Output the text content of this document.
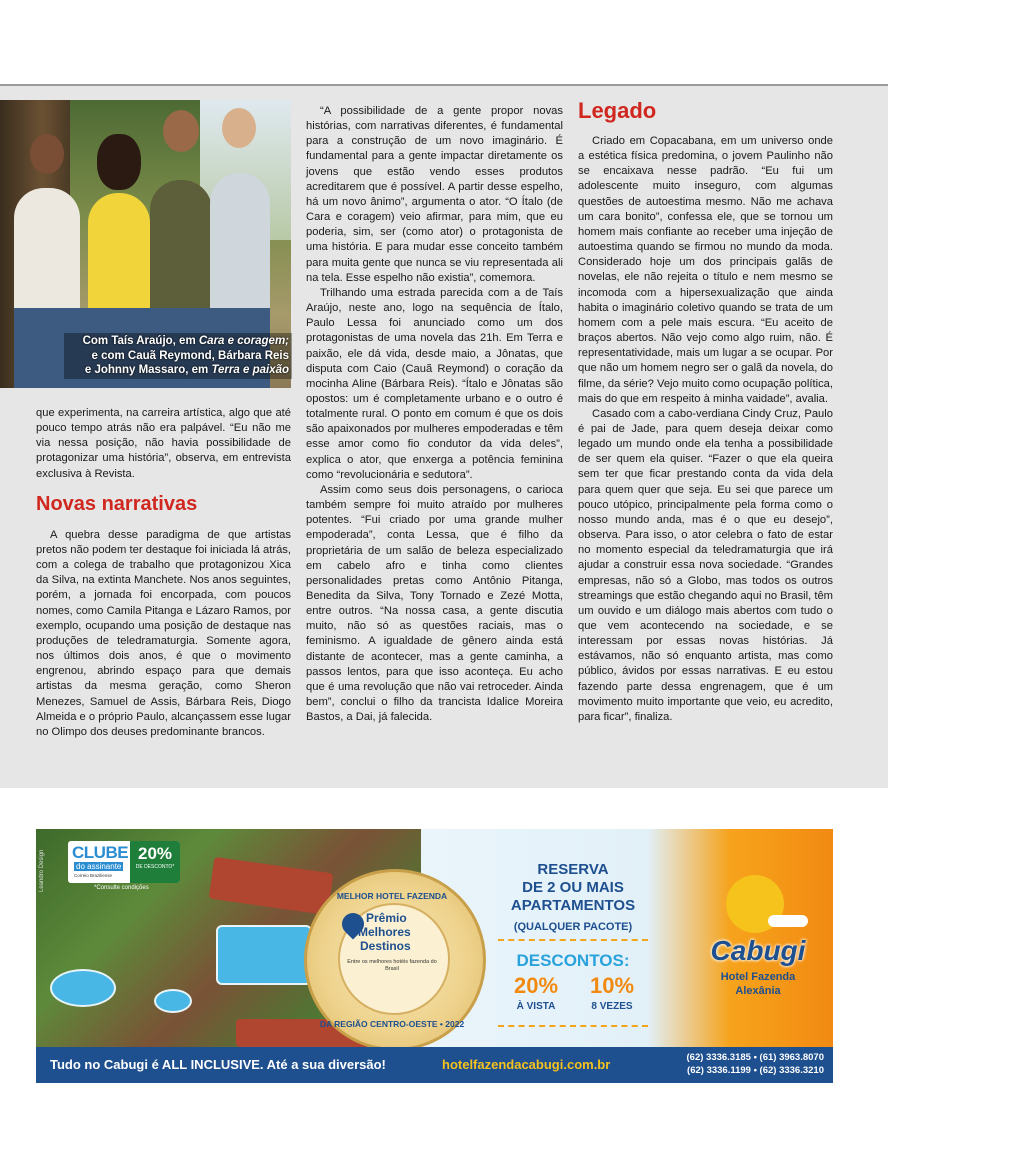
Com Taís Araújo, em Cara e coragem;
e com Cauã Reymond, Bárbara Reis
e Johnny Massaro, em Terra e paixão

que experimenta, na carreira artística, algo que até pouco tempo atrás não era palpável. “Eu não me via nessa posição, não havia possibilidade de protagonizar uma história”, observa, em entrevista exclusiva à Revista.

Novas narrativas

A quebra desse paradigma de que artistas pretos não podem ter destaque foi iniciada lá atrás, com a colega de trabalho que protagonizou Xica da Silva, na extinta Manchete. Nos anos seguintes, porém, a jornada foi encorpada, com poucos nomes, como Camila Pitanga e Lázaro Ramos, por exemplo, ocupando uma posição de destaque nas produções de teledramaturgia. Somente agora, nos últimos dois anos, é que o movimento engrenou, abrindo espaço para que demais artistas da mesma geração, como Sheron Menezes, Samuel de Assis, Bárbara Reis, Diogo Almeida e o próprio Paulo, alcançassem esse lugar no Olimpo dos deuses predominante brancos.

“A possibilidade de a gente propor novas histórias, com narrativas diferentes, é fundamental para a construção de um novo imaginário. É fundamental para a gente impactar diretamente os jovens que estão vendo esses produtos acreditarem que é possível. A partir desse espelho, há um novo ânimo”, argumenta o ator. “O Ítalo (de Cara e coragem) veio afirmar, para mim, que eu poderia, sim, ser (como ator) o protagonista de uma história. E para mudar esse conceito também para muita gente que nunca se viu representada ali na tela. Esse espelho não existia”, comemora.

Trilhando uma estrada parecida com a de Taís Araújo, neste ano, logo na sequência de Ítalo, Paulo Lessa foi anunciado como um dos protagonistas de uma novela das 21h. Em Terra e paixão, ele dá vida, desde maio, a Jônatas, que disputa com Caio (Cauã Reymond) o coração da mocinha Aline (Bárbara Reis). “Ítalo e Jônatas são opostos: um é completamente urbano e o outro é totalmente rural. O ponto em comum é que os dois são apaixonados por mulheres empoderadas e têm esse amor como fio condutor da vida deles”, explica o ator, que enxerga a potência feminina como “revolucionária e sedutora”.

Assim como seus dois personagens, o carioca também sempre foi muito atraído por mulheres potentes. “Fui criado por uma grande mulher empoderada”, conta Lessa, que é filho da proprietária de um salão de beleza especializado em cabelo afro e tinha como clientes personalidades pretas como Antônio Pitanga, Benedita da Silva, Tony Tornado e Zezé Motta, entre outros. “Na nossa casa, a gente discutia muito, não só as questões raciais, mas o feminismo. A igualdade de gênero ainda está distante de acontecer, mas a gente caminha, a passos lentos, para que isso aconteça. Eu acho que é uma revolução que não vai retroceder. Ainda bem”, conclui o filho da trancista Idalice Moreira Bastos, a Dai, já falecida.

Legado

Criado em Copacabana, em um universo onde a estética física predomina, o jovem Paulinho não se encaixava nesse padrão. “Eu fui um adolescente muito inseguro, com algumas questões de autoestima mesmo. Não me achava um cara bonito”, confessa ele, que se tornou um homem mais confiante ao receber uma injeção de autoestima quando se firmou no mundo da moda. Considerado hoje um dos principais galãs de novelas, ele não rejeita o título e nem mesmo se incomoda com a hipersexualização que ainda habita o imaginário coletivo quando se trata de um homem com a pele mais escura. “Eu aceito de braços abertos. Não vejo como algo ruim, não. É representatividade, mais um lugar a se ocupar. Por que não um homem negro ser o galã da novela, do filme, da série? Vejo muito como ocupação política, mais do que em respeito à minha vaidade”, avalia.

Casado com a cabo-verdiana Cindy Cruz, Paulo é pai de Jade, para quem deseja deixar como legado um mundo onde ela tenha a possibilidade de ser quem ela quiser. “Fazer o que ela queira sem ter que ficar prestando conta da vida dela para quem quer que seja. Eu sei que parece um pouco utópico, principalmente pela forma como o nosso mundo anda, mas é o que eu desejo”, observa. Para isso, o ator celebra o fato de estar no momento especial da teledramaturgia que irá ajudar a construir essa nova sociedade. “Grandes empresas, não só a Globo, mas todos os outros streamings que estão chegando aqui no Brasil, têm um ouvido e um diálogo mais abertos com tudo o que vem acontecendo na sociedade, e se interessam por essas novas histórias. Já estávamos, não só enquanto artista, mas como público, ávidos por essas narrativas. E eu estou fazendo parte dessa engrenagem, que é um movimento muito importante que veio, eu acredito, para ficar”, finaliza.

Leandro Design CLUBE
do assinante
Correio Braziliense
20%
DE DESCONTO*
*Consulte condições
MELHOR HOTEL FAZENDA
Prêmio
Melhores
Destinos
Entre os melhores hotéis fazenda do Brasil
DA REGIÃO CENTRO-OESTE • 2022
RESERVA
DE 2 OU MAIS
APARTAMENTOS
(QUALQUER PACOTE)
DESCONTOS:
20%
À VISTA
10%
8 VEZES
Cabugi
Hotel Fazenda
Alexânia
Tudo no Cabugi é ALL INCLUSIVE. Até a sua diversão!	hotelfazendacabugi.com.br	(62) 3336.3185 • (61) 3963.8070
(62) 3336.1199 • (62) 3336.3210
